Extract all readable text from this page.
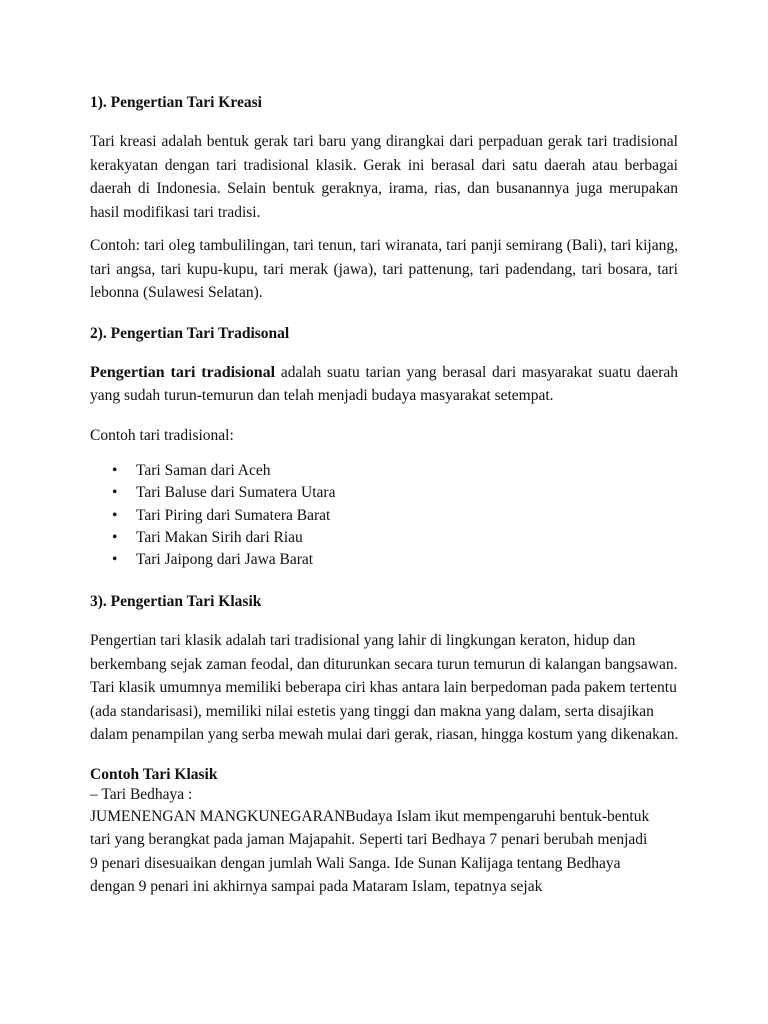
1). Pengertian Tari Kreasi

Tari kreasi adalah bentuk gerak tari baru yang dirangkai dari perpaduan gerak tari tradisional kerakyatan dengan tari tradisional klasik. Gerak ini berasal dari satu daerah atau berbagai daerah di Indonesia. Selain bentuk geraknya, irama, rias, dan busanannya juga merupakan hasil modifikasi tari tradisi.

Contoh: tari oleg tambulilingan, tari tenun, tari wiranata, tari panji semirang (Bali), tari kijang, tari angsa, tari kupu-kupu, tari merak (jawa), tari pattenung, tari padendang, tari bosara, tari lebonna (Sulawesi Selatan).

2). Pengertian Tari Tradisonal

Pengertian tari tradisional adalah suatu tarian yang berasal dari masyarakat suatu daerah yang sudah turun-temurun dan telah menjadi budaya masyarakat setempat.

Contoh tari tradisional:

• Tari Saman dari Aceh
• Tari Baluse dari Sumatera Utara
• Tari Piring dari Sumatera Barat
• Tari Makan Sirih dari Riau
• Tari Jaipong dari Jawa Barat
3). Pengertian Tari Klasik

Pengertian tari klasik adalah tari tradisional yang lahir di lingkungan keraton, hidup dan berkembang sejak zaman feodal, dan diturunkan secara turun temurun di kalangan bangsawan. Tari klasik umumnya memiliki beberapa ciri khas antara lain berpedoman pada pakem tertentu (ada standarisasi), memiliki nilai estetis yang tinggi dan makna yang dalam, serta disajikan dalam penampilan yang serba mewah mulai dari gerak, riasan, hingga kostum yang dikenakan.

Contoh Tari Klasik

– Tari Bedhaya :

JUMENENGAN MANGKUNEGARANBudaya Islam ikut mempengaruhi bentuk-bentuk tari yang berangkat pada jaman Majapahit. Seperti tari Bedhaya 7 penari berubah menjadi 9 penari disesuaikan dengan jumlah Wali Sanga. Ide Sunan Kalijaga tentang Bedhaya dengan 9 penari ini akhirnya sampai pada Mataram Islam, tepatnya sejak
